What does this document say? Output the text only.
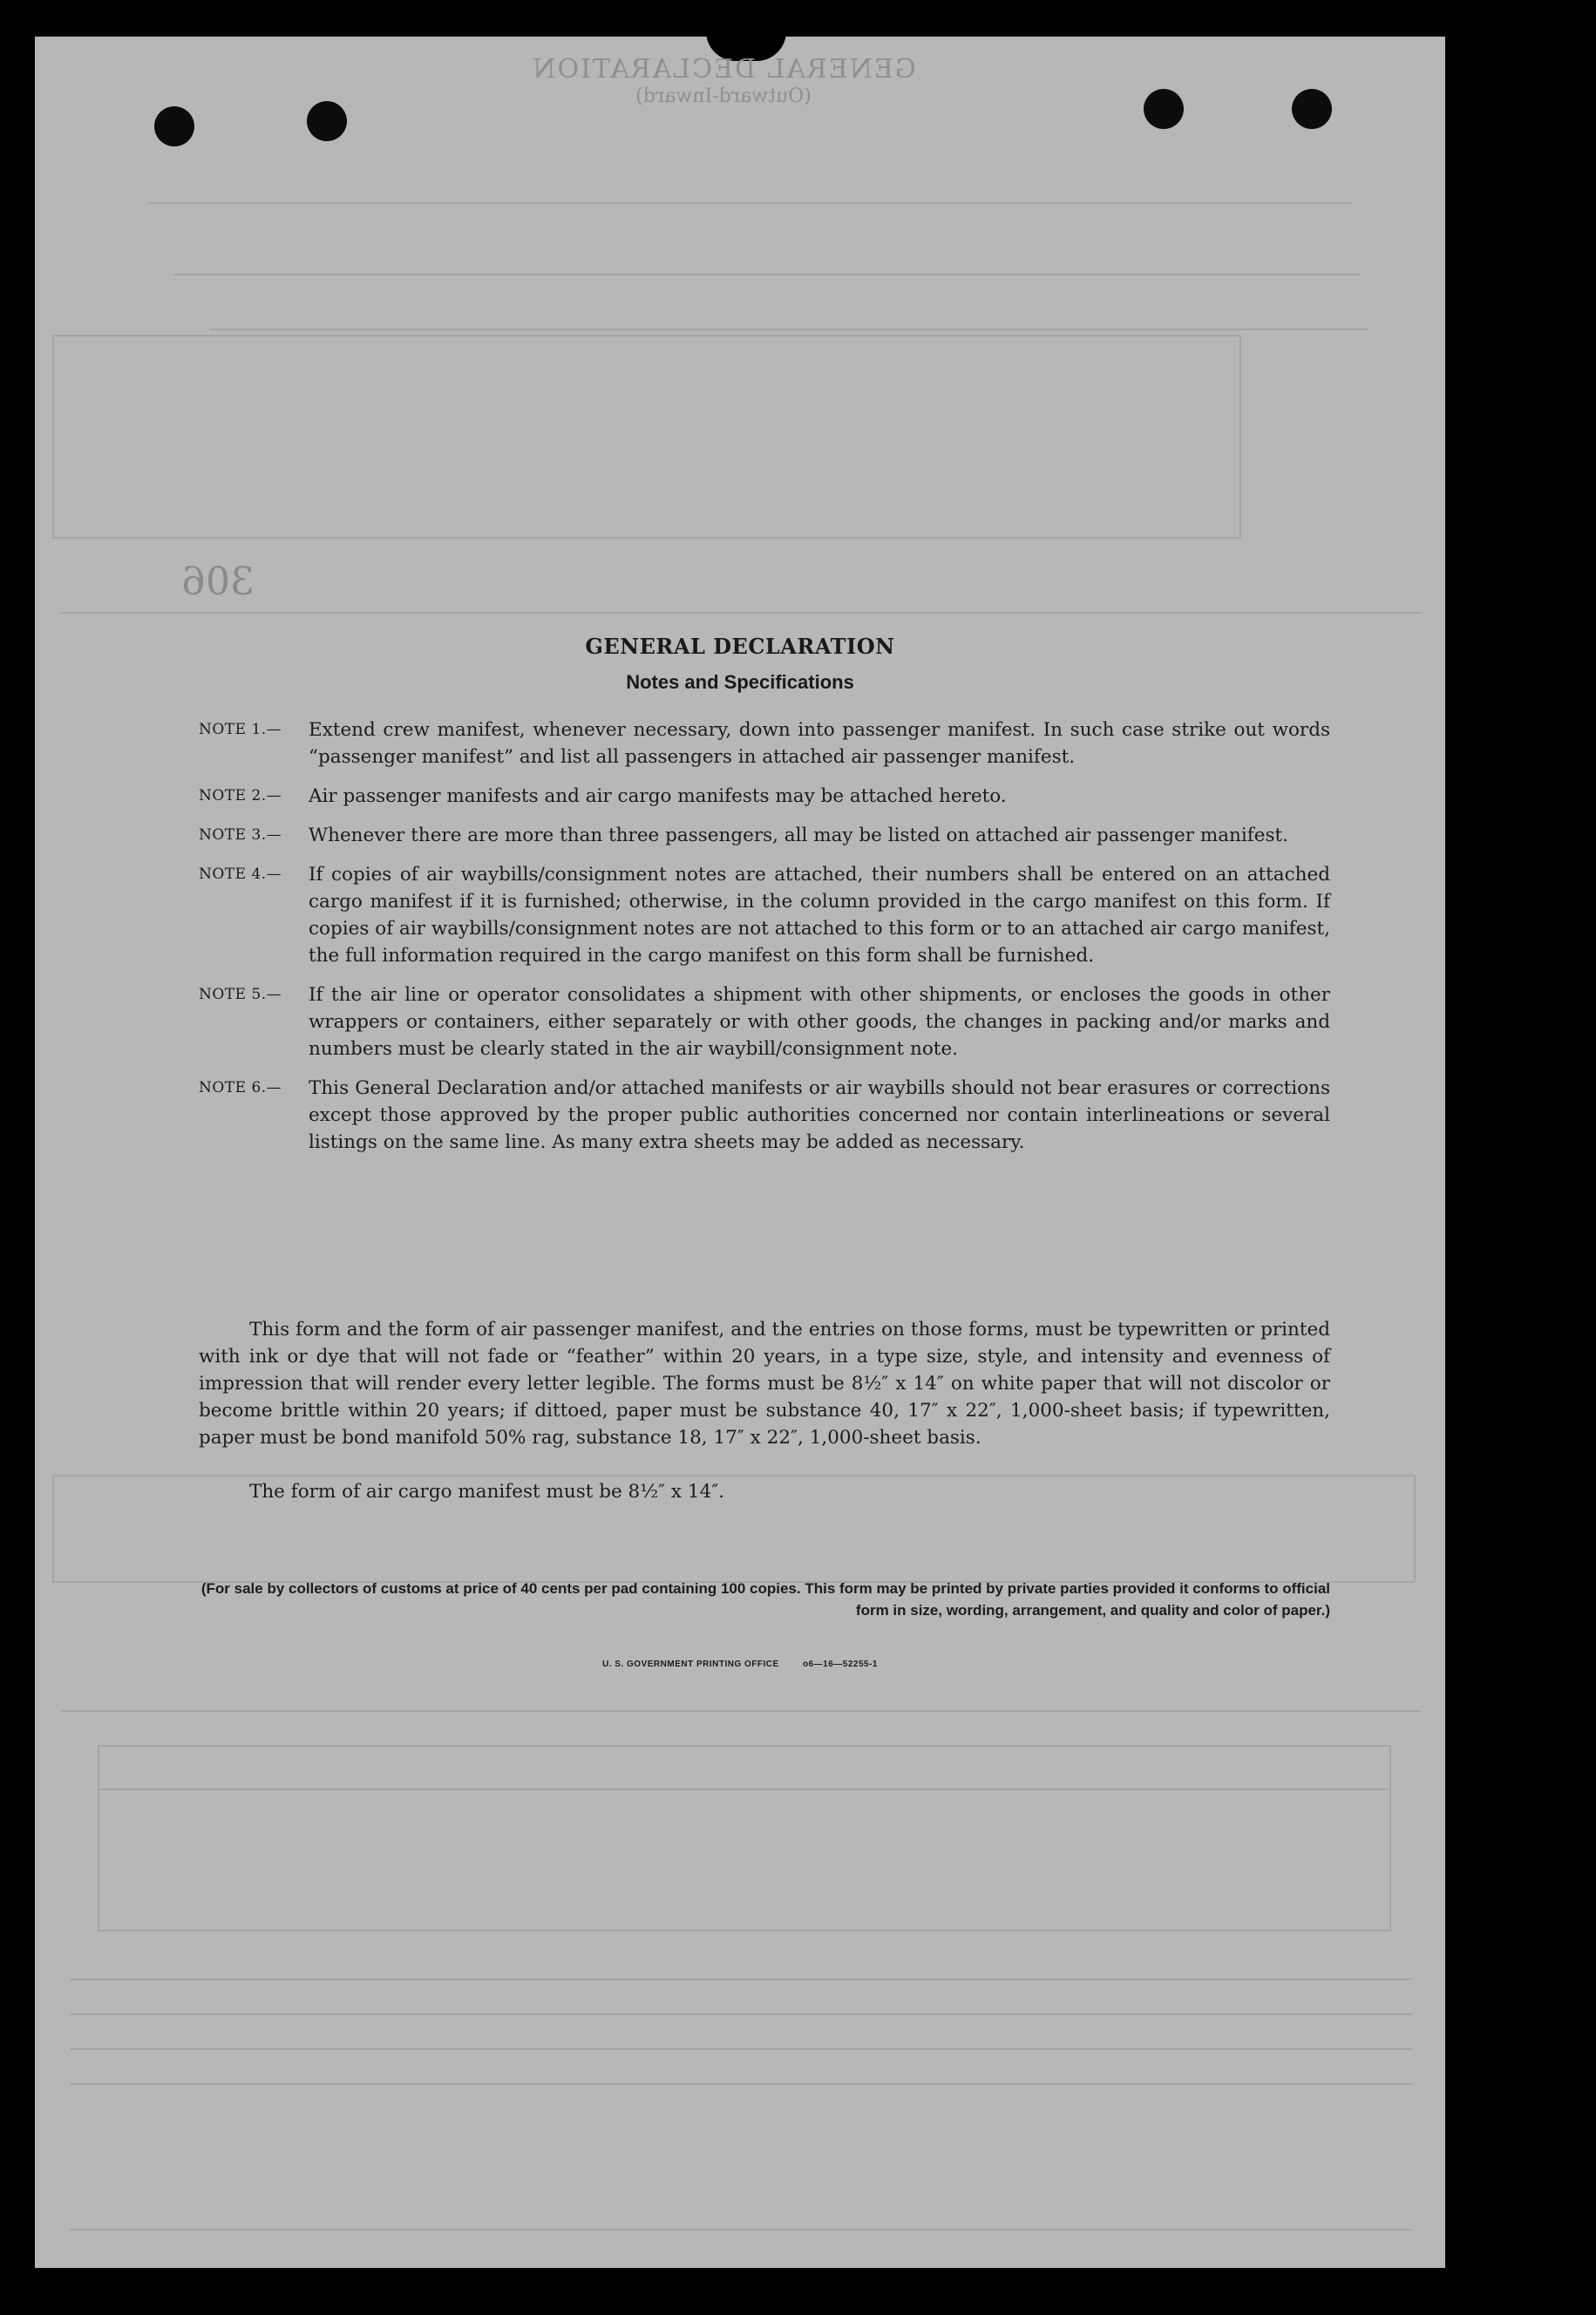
GENERAL DECLARATION
(Outward-Inward)
306
GENERAL DECLARATION
Notes and Specifications
NOTE 1.—	Extend crew manifest, whenever necessary, down into passenger manifest. In such case strike out words “passenger manifest” and list all passengers in attached air passenger manifest.
NOTE 2.—	Air passenger manifests and air cargo manifests may be attached hereto.
NOTE 3.—	Whenever there are more than three passengers, all may be listed on attached air passenger manifest.
NOTE 4.—	If copies of air waybills/consignment notes are attached, their numbers shall be entered on an attached cargo manifest if it is furnished; otherwise, in the column provided in the cargo manifest on this form. If copies of air waybills/consignment notes are not attached to this form or to an attached air cargo manifest, the full information required in the cargo manifest on this form shall be furnished.
NOTE 5.—	If the air line or operator consolidates a shipment with other shipments, or encloses the goods in other wrappers or containers, either separately or with other goods, the changes in packing and/or marks and numbers must be clearly stated in the air waybill/consignment note.
NOTE 6.—	This General Declaration and/or attached manifests or air waybills should not bear erasures or corrections except those approved by the proper public authorities concerned nor contain interlineations or several listings on the same line. As many extra sheets may be added as necessary.
This form and the form of air passenger manifest, and the entries on those forms, must be typewritten or printed with ink or dye that will not fade or “feather” within 20 years, in a type size, style, and intensity and evenness of impression that will render every letter legible. The forms must be 8½″ x 14″ on white paper that will not discolor or become brittle within 20 years; if dittoed, paper must be substance 40, 17″ x 22″, 1,000-sheet basis; if typewritten, paper must be bond manifold 50% rag, substance 18, 17″ x 22″, 1,000-sheet basis.
The form of air cargo manifest must be 8½″ x 14″.
(For sale by collectors of customs at price of 40 cents per pad containing 100 copies. This form may be printed by private parties provided it conforms to official form in size, wording, arrangement, and quality and color of paper.)
U. S. GOVERNMENT PRINTING OFFICE	o6—16—52255-1
